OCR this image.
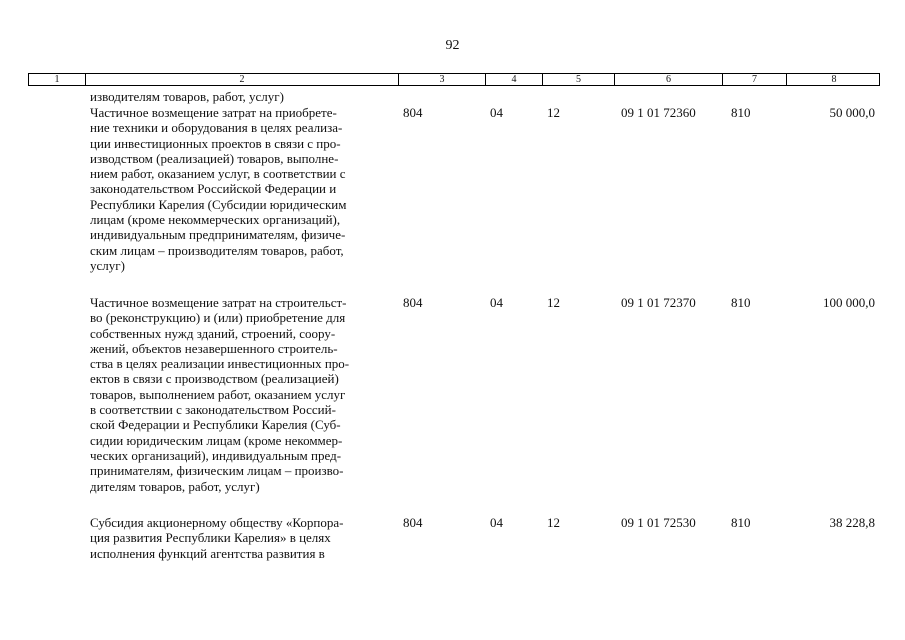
92
1	2	3	4	5	6	7	8
изводителям товаров, работ, услуг)
Частичное возмещение затрат на приобрете-
ние техники и оборудования в целях реализа-
ции инвестиционных проектов в связи с про-
изводством (реализацией) товаров, выполне-
нием работ, оказанием услуг, в соответствии с
законодательством Российской Федерации и
Республики Карелия (Субсидии юридическим
лицам (кроме некоммерческих организаций),
индивидуальным предпринимателям, физиче-
ским лицам – производителям товаров, работ,
услуг)
804	04	12	09 1 01 72360	810	50 000,0
Частичное возмещение затрат на строительст-
во (реконструкцию) и (или) приобретение для
собственных нужд зданий, строений, соору-
жений, объектов незавершенного строитель-
ства в целях реализации инвестиционных про-
ектов в связи с производством (реализацией)
товаров, выполнением работ, оказанием услуг
в соответствии с законодательством Россий-
ской Федерации и Республики Карелия (Суб-
сидии юридическим лицам (кроме некоммер-
ческих организаций), индивидуальным пред-
принимателям, физическим лицам – произво-
дителям товаров, работ, услуг)
804	04	12	09 1 01 72370	810	100 000,0
Субсидия акционерному обществу «Корпора-
ция развития Республики Карелия» в целях
исполнения функций агентства развития в
804	04	12	09 1 01 72530	810	38 228,8
